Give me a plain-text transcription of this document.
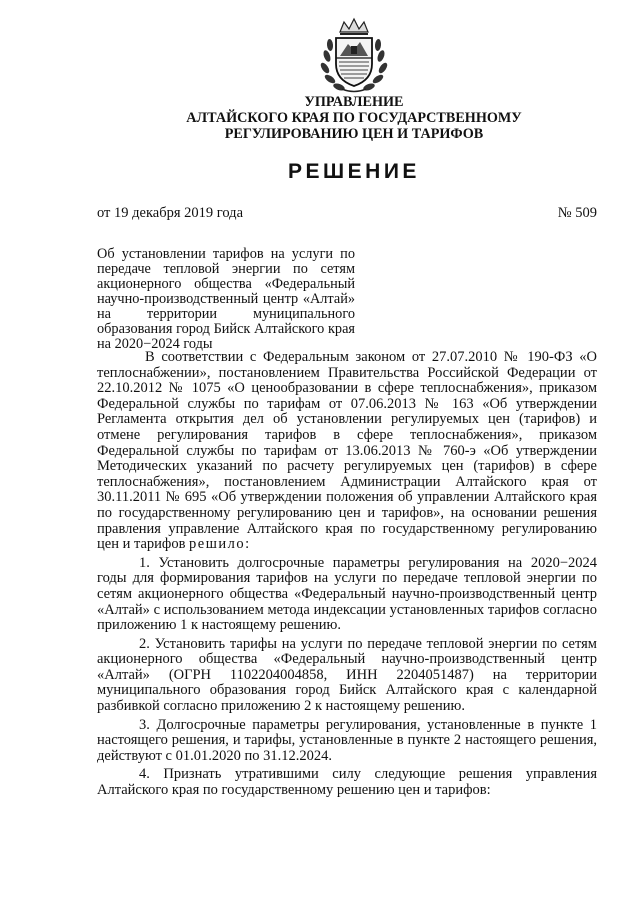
УПРАВЛЕНИЕ
АЛТАЙСКОГО КРАЯ ПО ГОСУДАРСТВЕННОМУ
РЕГУЛИРОВАНИЮ ЦЕН И ТАРИФОВ
РЕШЕНИЕ
от 19 декабря 2019 года	№ 509
Об установлении тарифов на услуги по передаче тепловой энергии по сетям акционерного общества «Федеральный научно-производственный центр «Алтай» на территории муниципального образования город Бийск Алтайского края на 2020−2024 годы

В соответствии с Федеральным законом от 27.07.2010 № 190-ФЗ «О теплоснабжении», постановлением Правительства Российской Федерации от 22.10.2012 № 1075 «О ценообразовании в сфере теплоснабжения», приказом Федеральной службы по тарифам от 07.06.2013 № 163 «Об утверждении Регламента открытия дел об установлении регулируемых цен (тарифов) и отмене регулирования тарифов в сфере теплоснабжения», приказом Федеральной службы по тарифам от 13.06.2013 № 760-э «Об утверждении Методических указаний по расчету регулируемых цен (тарифов) в сфере теплоснабжения», постановлением Администрации Алтайского края от 30.11.2011 № 695 «Об утверждении положения об управлении Алтайского края по государственному регулированию цен и тарифов», на основании решения правления управление Алтайского края по государственному регулированию цен и тарифов решило:

1. Установить долгосрочные параметры регулирования на 2020−2024 годы для формирования тарифов на услуги по передаче тепловой энергии по сетям акционерного общества «Федеральный научно-производственный центр «Алтай» с использованием метода индексации установленных тарифов согласно приложению 1 к настоящему решению.

2. Установить тарифы на услуги по передаче тепловой энергии по сетям акционерного общества «Федеральный научно-производственный центр «Алтай» (ОГРН 1102204004858, ИНН 2204051487) на территории муниципального образования город Бийск Алтайского края с календарной разбивкой согласно приложению 2 к настоящему решению.

3. Долгосрочные параметры регулирования, установленные в пункте 1 настоящего решения, и тарифы, установленные в пункте 2 настоящего решения, действуют с 01.01.2020 по 31.12.2024.

4. Признать утратившими силу следующие решения управления Алтайского края по государственному решению цен и тарифов:
